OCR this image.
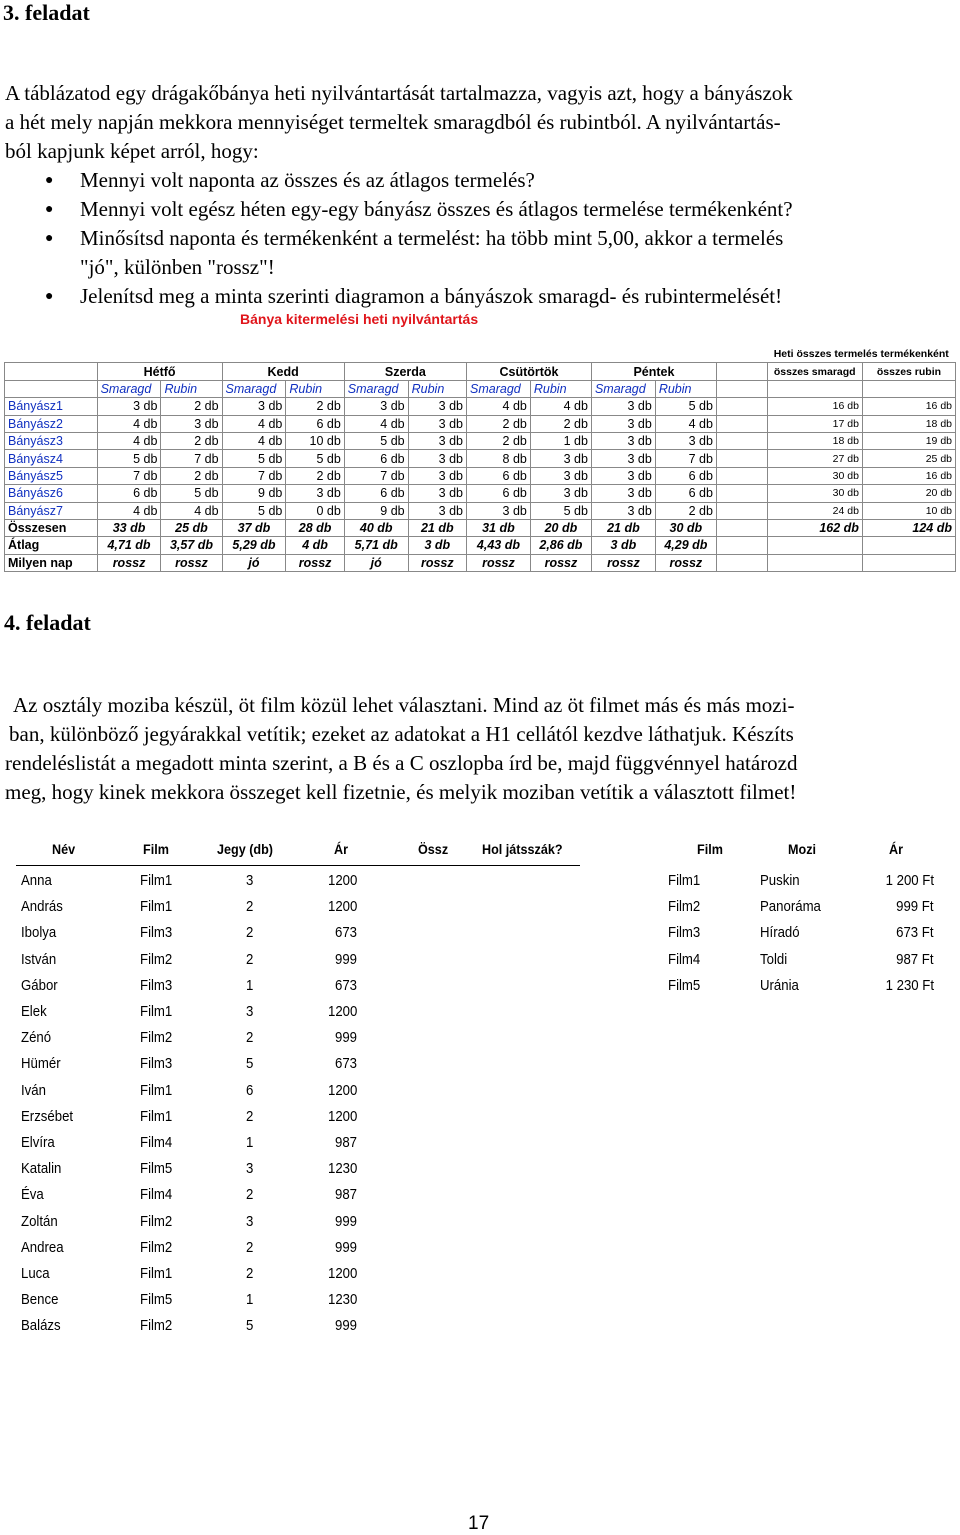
3. feladat
A táblázatod egy drágakőbánya heti nyilvántartását tartalmazza, vagyis azt, hogy a bányászok
a hét mely napján mekkora mennyiséget termeltek smaragdból és rubintból. A nyilvántartás-
ból kapjunk képet arról, hogy:
● Mennyi volt naponta az összes és az átlagos termelés?
● Mennyi volt egész héten egy-egy bányász összes és átlagos termelése termékenként?
● Minősítsd naponta és termékenként a termelést: ha több mint 5,00, akkor a termelés
"jó", különben "rossz"!
● Jelenítsd meg a minta szerinti diagramon a bányászok smaragd- és rubintermelését!
Bánya kitermelési heti nyilvántartás
												Heti összes termelés termékenként	
	Hétfő		Kedd		Szerda		Csütörtök		Péntek			összes smaragd	összes rubin
	Smaragd	Rubin	Smaragd	Rubin	Smaragd	Rubin	Smaragd	Rubin	Smaragd	Rubin			
Bányász1	3 db	2 db	3 db	2 db	3 db	3 db	4 db	4 db	3 db	5 db		16 db	16 db
Bányász2	4 db	3 db	4 db	6 db	4 db	3 db	2 db	2 db	3 db	4 db		17 db	18 db
Bányász3	4 db	2 db	4 db	10 db	5 db	3 db	2 db	1 db	3 db	3 db		18 db	19 db
Bányász4	5 db	7 db	5 db	5 db	6 db	3 db	8 db	3 db	3 db	7 db		27 db	25 db
Bányász5	7 db	2 db	7 db	2 db	7 db	3 db	6 db	3 db	3 db	6 db		30 db	16 db
Bányász6	6 db	5 db	9 db	3 db	6 db	3 db	6 db	3 db	3 db	6 db		30 db	20 db
Bányász7	4 db	4 db	5 db	0 db	9 db	3 db	3 db	5 db	3 db	2 db		24 db	10 db
Összesen	33 db	25 db	37 db	28 db	40 db	21 db	31 db	20 db	21 db	30 db		162 db	124 db
Átlag	4,71 db	3,57 db	5,29 db	4 db	5,71 db	3 db	4,43 db	2,86 db	3 db	4,29 db			
Milyen nap	rossz	rossz	jó	rossz	jó	rossz	rossz	rossz	rossz	rossz			
4. feladat
Az osztály moziba készül, öt film közül lehet választani. Mind az öt filmet más és más mozi-
ban, különböző jegyárakkal vetítik; ezeket az adatokat a H1 cellától kezdve láthatjuk. Készíts
rendeléslistát a megadott minta szerint, a B és a C oszlopba írd be, majd függvénnyel határozd
meg, hogy kinek mekkora összeget kell fizetnie, és melyik moziban vetítik a választott filmet!
Név	Film	Jegy (db)	Ár	Össz Hol játsszák?	Film	Mozi	Ár
Anna	Film1	3	1200
András	Film1	2	1200
Ibolya	Film3	2	673
István	Film2	2	999
Gábor	Film3	1	673
Elek	Film1	3	1200
Zénó	Film2	2	999
Hümér	Film3	5	673
Iván	Film1	6	1200
Erzsébet	Film1	2	1200
Elvíra	Film4	1	987
Katalin	Film5	3	1230
Éva	Film4	2	987
Zoltán	Film2	3	999
Andrea	Film2	2	999
Luca	Film1	2	1200
Bence	Film5	1	1230
Balázs	Film2	5	999
Film1	Puskin	1 200 Ft
Film2	Panoráma	999 Ft
Film3	Híradó	673 Ft
Film4	Toldi	987 Ft
Film5	Uránia	1 230 Ft
17
